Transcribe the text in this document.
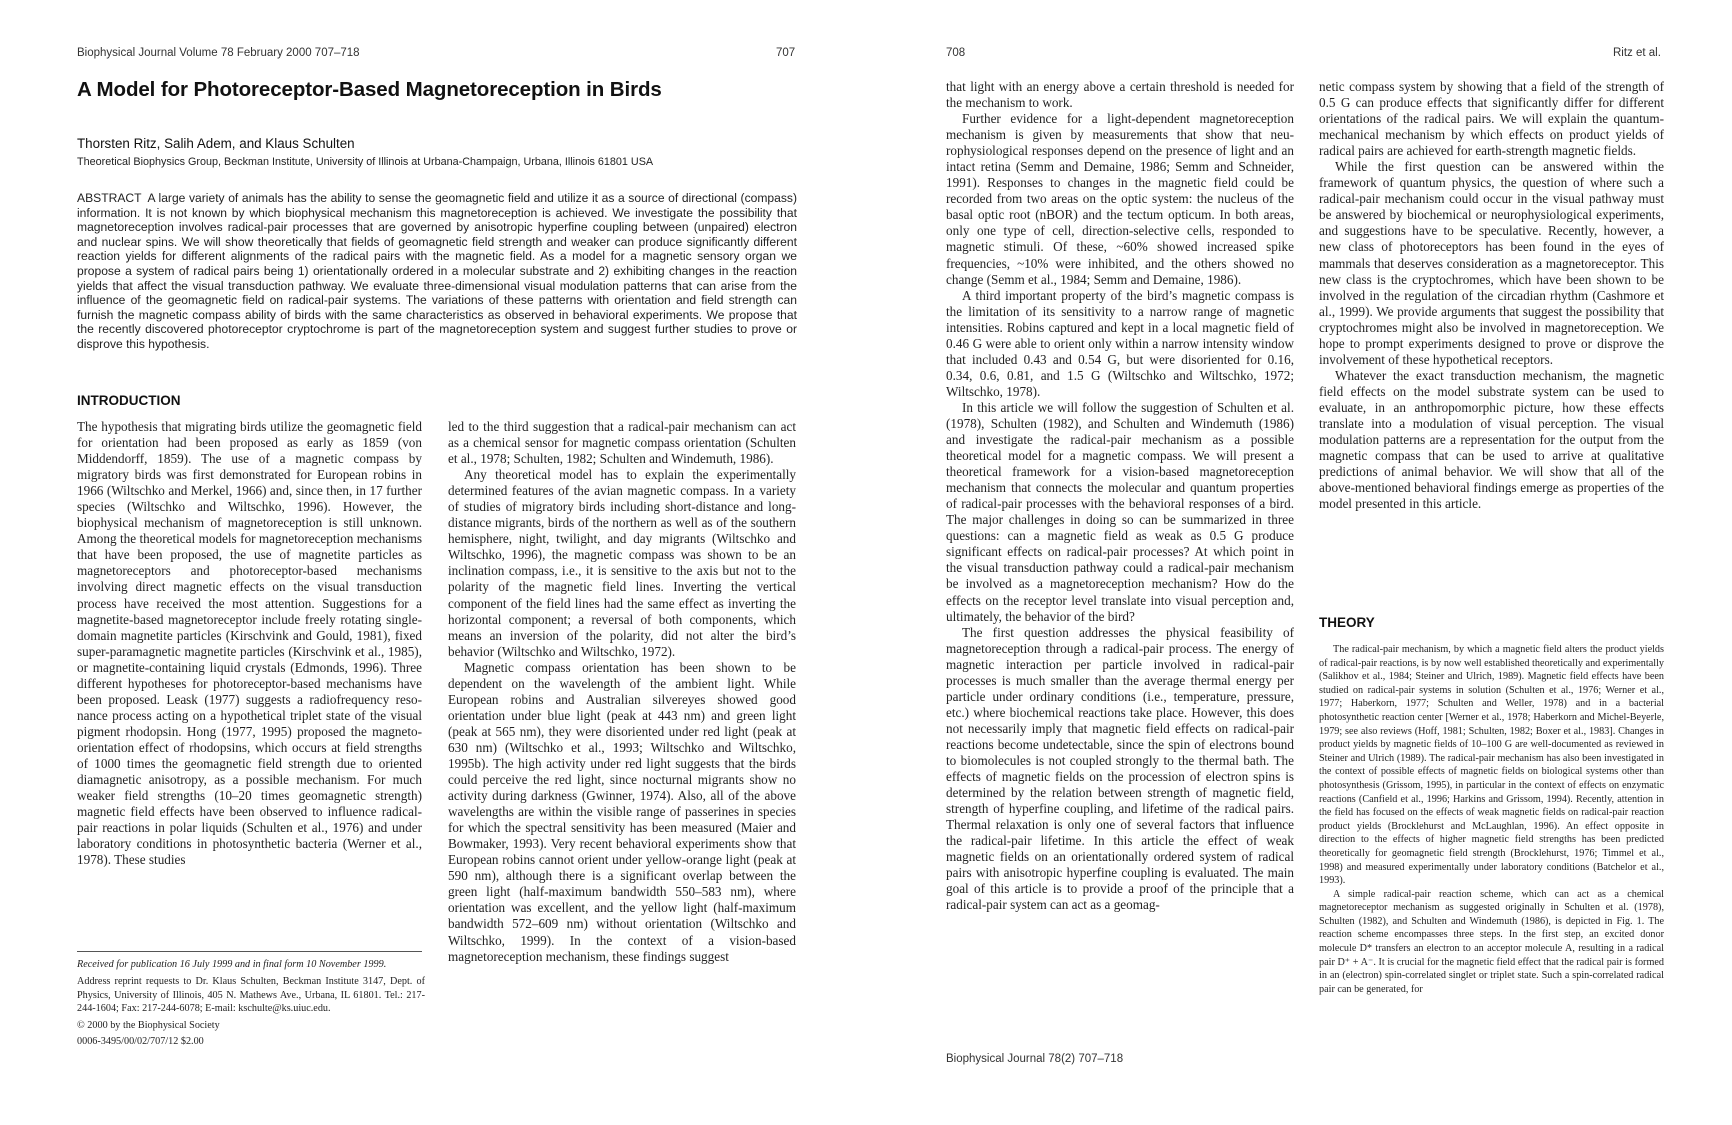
Biophysical Journal Volume 78 February 2000 707–718	707
A Model for Photoreceptor-Based Magnetoreception in Birds
Thorsten Ritz, Salih Adem, and Klaus Schulten
Theoretical Biophysics Group, Beckman Institute, University of Illinois at Urbana-Champaign, Urbana, Illinois 61801 USA

ABSTRACT A large variety of animals has the ability to sense the geomagnetic field and utilize it as a source of directional (compass) information. It is not known by which biophysical mechanism this magnetoreception is achieved. We investigate the possibility that magnetoreception involves radical-pair processes that are governed by anisotropic hyperfine coupling between (unpaired) electron and nuclear spins. We will show theoretically that fields of geomagnetic field strength and weaker can produce significantly different reaction yields for different alignments of the radical pairs with the magnetic field. As a model for a magnetic sensory organ we propose a system of radical pairs being 1) orientationally ordered in a molecular substrate and 2) exhibiting changes in the reaction yields that affect the visual transduction pathway. We evaluate three-dimensional visual modulation patterns that can arise from the influence of the geomagnetic field on radical-pair systems. The variations of these patterns with orientation and field strength can furnish the magnetic compass ability of birds with the same characteristics as observed in behavioral experiments. We propose that the recently discovered photoreceptor cryptochrome is part of the magnetoreception system and suggest further studies to prove or disprove this hypothesis.

INTRODUCTION

The hypothesis that migrating birds utilize the geomagnetic field for orientation had been proposed as early as 1859 (von Middendorff, 1859). The use of a magnetic compass by migratory birds was first demonstrated for European robins in 1966 (Wiltschko and Merkel, 1966) and, since then, in 17 further species (Wiltschko and Wiltschko, 1996). However, the biophysical mechanism of magnetoreception is still unknown. Among the theoretical models for magnetoreception mechanisms that have been proposed, the use of magnetite particles as magnetoreceptors and photoreceptor-based mechanisms involving direct magnetic effects on the visual transduction process have received the most attention. Suggestions for a magnetite-based magnetoreceptor include freely rotating single-domain magnetite particles (Kirschvink and Gould, 1981), fixed super-paramagnetic magnetite particles (Kirschvink et al., 1985), or magnetite-containing liquid crystals (Edmonds, 1996). Three different hypotheses for photoreceptor-based mechanisms have been proposed. Leask (1977) suggests a radiofrequency resonance process acting on a hypothetical triplet state of the visual pigment rhodopsin. Hong (1977, 1995) proposed the magneto-orientation effect of rhodopsins, which occurs at field strengths of 1000 times the geomagnetic field strength due to oriented diamagnetic anisotropy, as a possible mechanism. For much weaker field strengths (10–20 times geomagnetic strength) magnetic field effects have been observed to influence radical-pair reactions in polar liquids (Schulten et al., 1976) and under laboratory conditions in photosynthetic bacteria (Werner et al., 1978). These studies

led to the third suggestion that a radical-pair mechanism can act as a chemical sensor for magnetic compass orientation (Schulten et al., 1978; Schulten, 1982; Schulten and Windemuth, 1986).

Any theoretical model has to explain the experimentally determined features of the avian magnetic compass. In a variety of studies of migratory birds including short-distance and long-distance migrants, birds of the northern as well as of the southern hemisphere, night, twilight, and day migrants (Wiltschko and Wiltschko, 1996), the magnetic compass was shown to be an inclination compass, i.e., it is sensitive to the axis but not to the polarity of the magnetic field lines. Inverting the vertical component of the field lines had the same effect as inverting the horizontal component; a reversal of both components, which means an inversion of the polarity, did not alter the bird’s behavior (Wiltschko and Wiltschko, 1972).

Magnetic compass orientation has been shown to be dependent on the wavelength of the ambient light. While European robins and Australian silvereyes showed good orientation under blue light (peak at 443 nm) and green light (peak at 565 nm), they were disoriented under red light (peak at 630 nm) (Wiltschko et al., 1993; Wiltschko and Wiltschko, 1995b). The high activity under red light suggests that the birds could perceive the red light, since nocturnal migrants show no activity during darkness (Gwinner, 1974). Also, all of the above wavelengths are within the visible range of passerines in species for which the spectral sensitivity has been measured (Maier and Bowmaker, 1993). Very recent behavioral experiments show that European robins cannot orient under yellow-orange light (peak at 590 nm), although there is a significant overlap between the green light (half-maximum bandwidth 550–583 nm), where orientation was excellent, and the yellow light (half-maximum bandwidth 572–609 nm) without orientation (Wiltschko and Wiltschko, 1999). In the context of a vision-based magnetoreception mechanism, these findings suggest

Received for publication 16 July 1999 and in final form 10 November 1999.
Address reprint requests to Dr. Klaus Schulten, Beckman Institute 3147, Dept. of Physics, University of Illinois, 405 N. Mathews Ave., Urbana, IL 61801. Tel.: 217-244-1604; Fax: 217-244-6078; E-mail: kschulte@ks.uiuc.edu.
© 2000 by the Biophysical Society
0006-3495/00/02/707/12 $2.00
708	Ritz et al.

that light with an energy above a certain threshold is needed for the mechanism to work.

Further evidence for a light-dependent magnetoreception mechanism is given by measurements that show that neurophysiological responses depend on the presence of light and an intact retina (Semm and Demaine, 1986; Semm and Schneider, 1991). Responses to changes in the magnetic field could be recorded from two areas on the optic system: the nucleus of the basal optic root (nBOR) and the tectum opticum. In both areas, only one type of cell, direction-selective cells, responded to magnetic stimuli. Of these, ~60% showed increased spike frequencies, ~10% were inhibited, and the others showed no change (Semm et al., 1984; Semm and Demaine, 1986).

A third important property of the bird’s magnetic compass is the limitation of its sensitivity to a narrow range of magnetic intensities. Robins captured and kept in a local magnetic field of 0.46 G were able to orient only within a narrow intensity window that included 0.43 and 0.54 G, but were disoriented for 0.16, 0.34, 0.6, 0.81, and 1.5 G (Wiltschko and Wiltschko, 1972; Wiltschko, 1978).

In this article we will follow the suggestion of Schulten et al. (1978), Schulten (1982), and Schulten and Windemuth (1986) and investigate the radical-pair mechanism as a possible theoretical model for a magnetic compass. We will present a theoretical framework for a vision-based magnetoreception mechanism that connects the molecular and quantum properties of radical-pair processes with the behavioral responses of a bird. The major challenges in doing so can be summarized in three questions: can a magnetic field as weak as 0.5 G produce significant effects on radical-pair processes? At which point in the visual transduction pathway could a radical-pair mechanism be involved as a magnetoreception mechanism? How do the effects on the receptor level translate into visual perception and, ultimately, the behavior of the bird?

The first question addresses the physical feasibility of magnetoreception through a radical-pair process. The energy of magnetic interaction per particle involved in radical-pair processes is much smaller than the average thermal energy per particle under ordinary conditions (i.e., temperature, pressure, etc.) where biochemical reactions take place. However, this does not necessarily imply that magnetic field effects on radical-pair reactions become undetectable, since the spin of electrons bound to biomolecules is not coupled strongly to the thermal bath. The effects of magnetic fields on the procession of electron spins is determined by the relation between strength of magnetic field, strength of hyperfine coupling, and lifetime of the radical pairs. Thermal relaxation is only one of several factors that influence the radical-pair lifetime. In this article the effect of weak magnetic fields on an orientationally ordered system of radical pairs with anisotropic hyperfine coupling is evaluated. The main goal of this article is to provide a proof of the principle that a radical-pair system can act as a geomag-

netic compass system by showing that a field of the strength of 0.5 G can produce effects that significantly differ for different orientations of the radical pairs. We will explain the quantum-mechanical mechanism by which effects on product yields of radical pairs are achieved for earth-strength magnetic fields.

While the first question can be answered within the framework of quantum physics, the question of where such a radical-pair mechanism could occur in the visual pathway must be answered by biochemical or neurophysiological experiments, and suggestions have to be speculative. Recently, however, a new class of photoreceptors has been found in the eyes of mammals that deserves consideration as a magnetoreceptor. This new class is the cryptochromes, which have been shown to be involved in the regulation of the circadian rhythm (Cashmore et al., 1999). We provide arguments that suggest the possibility that cryptochromes might also be involved in magnetoreception. We hope to prompt experiments designed to prove or disprove the involvement of these hypothetical receptors.

Whatever the exact transduction mechanism, the magnetic field effects on the model substrate system can be used to evaluate, in an anthropomorphic picture, how these effects translate into a modulation of visual perception. The visual modulation patterns are a representation for the output from the magnetic compass that can be used to arrive at qualitative predictions of animal behavior. We will show that all of the above-mentioned behavioral findings emerge as properties of the model presented in this article.

THEORY

The radical-pair mechanism, by which a magnetic field alters the product yields of radical-pair reactions, is by now well established theoretically and experimentally (Salikhov et al., 1984; Steiner and Ulrich, 1989). Magnetic field effects have been studied on radical-pair systems in solution (Schulten et al., 1976; Werner et al., 1977; Haberkorn, 1977; Schulten and Weller, 1978) and in a bacterial photosynthetic reaction center [Werner et al., 1978; Haberkorn and Michel-Beyerle, 1979; see also reviews (Hoff, 1981; Schulten, 1982; Boxer et al., 1983]. Changes in product yields by magnetic fields of 10–100 G are well-documented as reviewed in Steiner and Ulrich (1989). The radical-pair mechanism has also been investigated in the context of possible effects of magnetic fields on biological systems other than photosynthesis (Grissom, 1995), in particular in the context of effects on enzymatic reactions (Canfield et al., 1996; Harkins and Grissom, 1994). Recently, attention in the field has focused on the effects of weak magnetic fields on radical-pair reaction product yields (Brocklehurst and McLaughlan, 1996). An effect opposite in direction to the effects of higher magnetic field strengths has been predicted theoretically for geomagnetic field strength (Brocklehurst, 1976; Timmel et al., 1998) and measured experimentally under laboratory conditions (Batchelor et al., 1993).

A simple radical-pair reaction scheme, which can act as a chemical magnetoreceptor mechanism as suggested originally in Schulten et al. (1978), Schulten (1982), and Schulten and Windemuth (1986), is depicted in Fig. 1. The reaction scheme encompasses three steps. In the first step, an excited donor molecule D* transfers an electron to an acceptor molecule A, resulting in a radical pair D⁺ + A⁻. It is crucial for the magnetic field effect that the radical pair is formed in an (electron) spin-correlated singlet or triplet state. Such a spin-correlated radical pair can be generated, for

Biophysical Journal 78(2) 707–718
